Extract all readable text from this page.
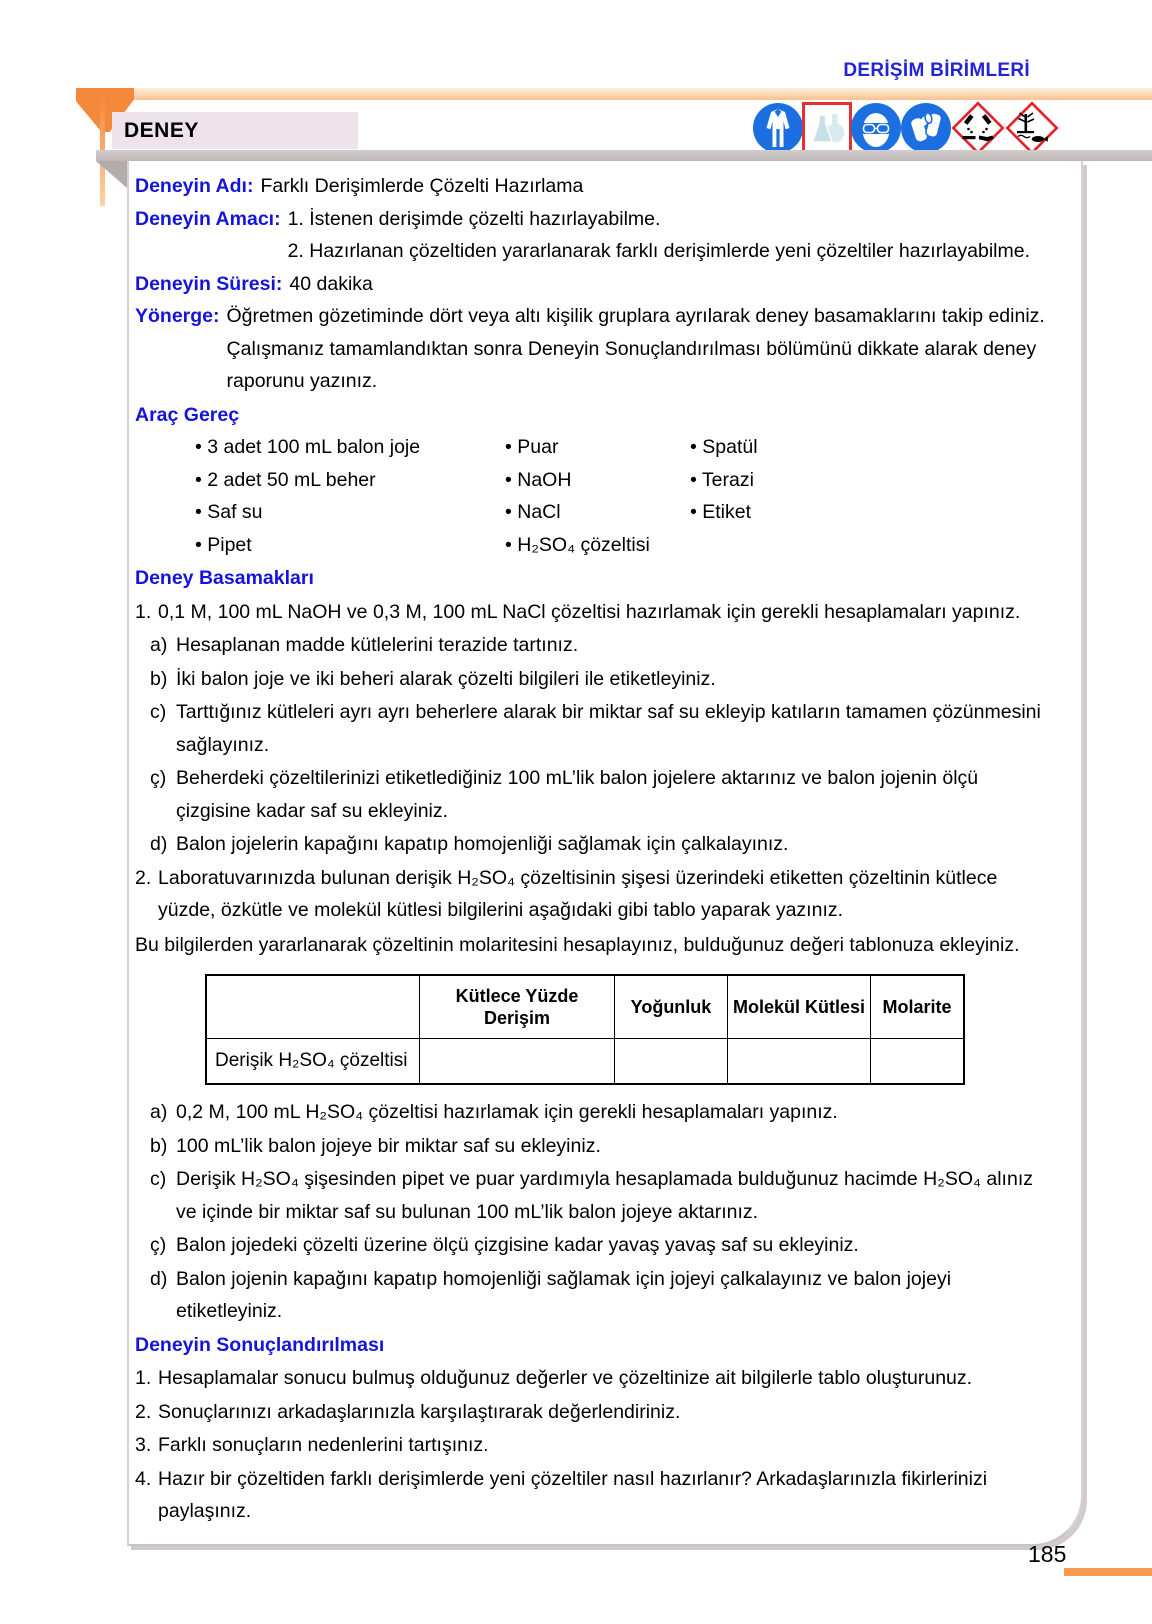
DERİŞİM BİRİMLERİ
DENEY
Deneyin Adı: Farklı Derişimlerde Çözelti Hazırlama
Deneyin Amacı: 1. İstenen derişimde çözelti hazırlayabilme.
2. Hazırlanan çözeltiden yararlanarak farklı derişimlerde yeni çözeltiler hazırlayabilme.
Deneyin Süresi: 40 dakika
Yönerge: Öğretmen gözetiminde dört veya altı kişilik gruplara ayrılarak deney basamaklarını takip ediniz. Çalışmanız tamamlandıktan sonra Deneyin Sonuçlandırılması bölümünü dikkate alarak deney raporunu yazınız.
Araç Gereç
• 3 adet 100 mL balon joje
• 2 adet 50 mL beher
• Saf su
• Pipet
• Puar
• NaOH
• NaCl
• H₂SO₄ çözeltisi
• Spatül
• Terazi
• Etiket
Deney Basamakları
1. 0,1 M, 100 mL NaOH ve 0,3 M, 100 mL NaCl çözeltisi hazırlamak için gerekli hesaplamaları yapınız.
a) Hesaplanan madde kütlelerini terazide tartınız.
b) İki balon joje ve iki beheri alarak çözelti bilgileri ile etiketleyiniz.
c) Tarttığınız kütleleri ayrı ayrı beherlere alarak bir miktar saf su ekleyip katıların tamamen çözünmesini sağlayınız.
ç) Beherdeki çözeltilerinizi etiketlediğiniz 100 mL’lik balon jojelere aktarınız ve balon jojenin ölçü çizgisine kadar saf su ekleyiniz.
d) Balon jojelerin kapağını kapatıp homojenliği sağlamak için çalkalayınız.
2. Laboratuvarınızda bulunan derişik H₂SO₄ çözeltisinin şişesi üzerindeki etiketten çözeltinin kütlece yüzde, özkütle ve molekül kütlesi bilgilerini aşağıdaki gibi tablo yaparak yazınız.
Bu bilgilerden yararlanarak çözeltinin molaritesini hesaplayınız, bulduğunuz değeri tablonuza ekleyiniz.
	Kütlece Yüzde Derişim	Yoğunluk	Molekül Kütlesi	Molarite
Derişik H₂SO₄ çözeltisi				
a) 0,2 M, 100 mL H₂SO₄ çözeltisi hazırlamak için gerekli hesaplamaları yapınız.
b) 100 mL’lik balon jojeye bir miktar saf su ekleyiniz.
c) Derişik H₂SO₄ şişesinden pipet ve puar yardımıyla hesaplamada bulduğunuz hacimde H₂SO₄ alınız ve içinde bir miktar saf su bulunan 100 mL’lik balon jojeye aktarınız.
ç) Balon jojedeki çözelti üzerine ölçü çizgisine kadar yavaş yavaş saf su ekleyiniz.
d) Balon jojenin kapağını kapatıp homojenliği sağlamak için jojeyi çalkalayınız ve balon jojeyi etiketleyiniz.
Deneyin Sonuçlandırılması
1. Hesaplamalar sonucu bulmuş olduğunuz değerler ve çözeltinize ait bilgilerle tablo oluşturunuz.
2. Sonuçlarınızı arkadaşlarınızla karşılaştırarak değerlendiriniz.
3. Farklı sonuçların nedenlerini tartışınız.
4. Hazır bir çözeltiden farklı derişimlerde yeni çözeltiler nasıl hazırlanır? Arkadaşlarınızla fikirlerinizi paylaşınız.
185
